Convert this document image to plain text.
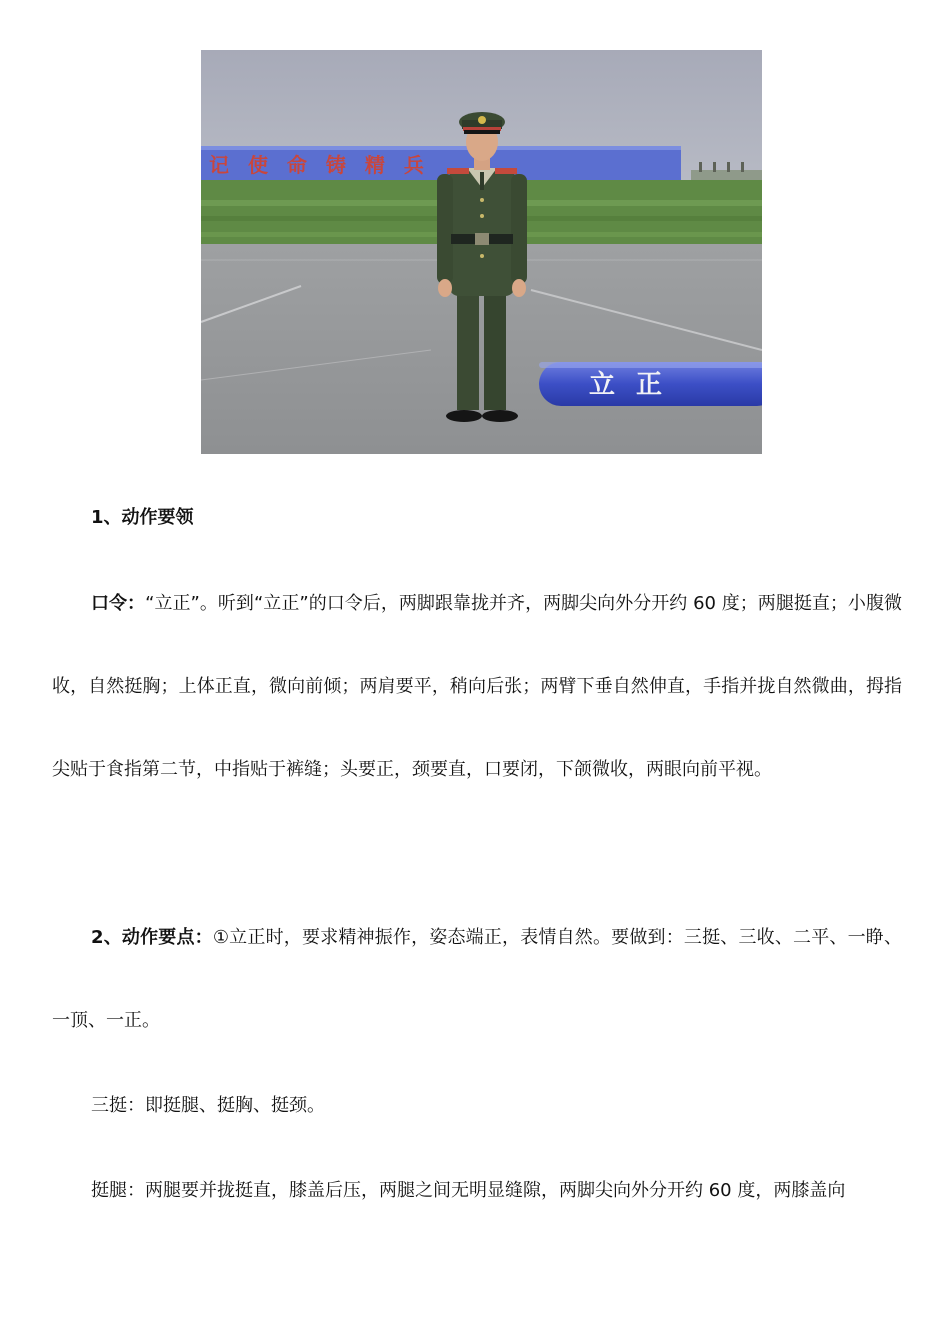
记 使 命 铸 精 兵
立 正

1、动作要领

口令：“立正”。听到“立正”的口令后，两脚跟靠拢并齐，两脚尖向外分开约 60 度；两腿挺直；小腹微收，自然挺胸；上体正直，微向前倾；两肩要平，稍向后张；两臂下垂自然伸直，手指并拢自然微曲，拇指尖贴于食指第二节，中指贴于裤缝；头要正，颈要直，口要闭，下颌微收，两眼向前平视。

2、动作要点：①立正时，要求精神振作，姿态端正，表情自然。要做到：三挺、三收、二平、一睁、一顶、一正。

三挺：即挺腿、挺胸、挺颈。

挺腿：两腿要并拢挺直，膝盖后压，两腿之间无明显缝隙，两脚尖向外分开约 60 度，两膝盖向
